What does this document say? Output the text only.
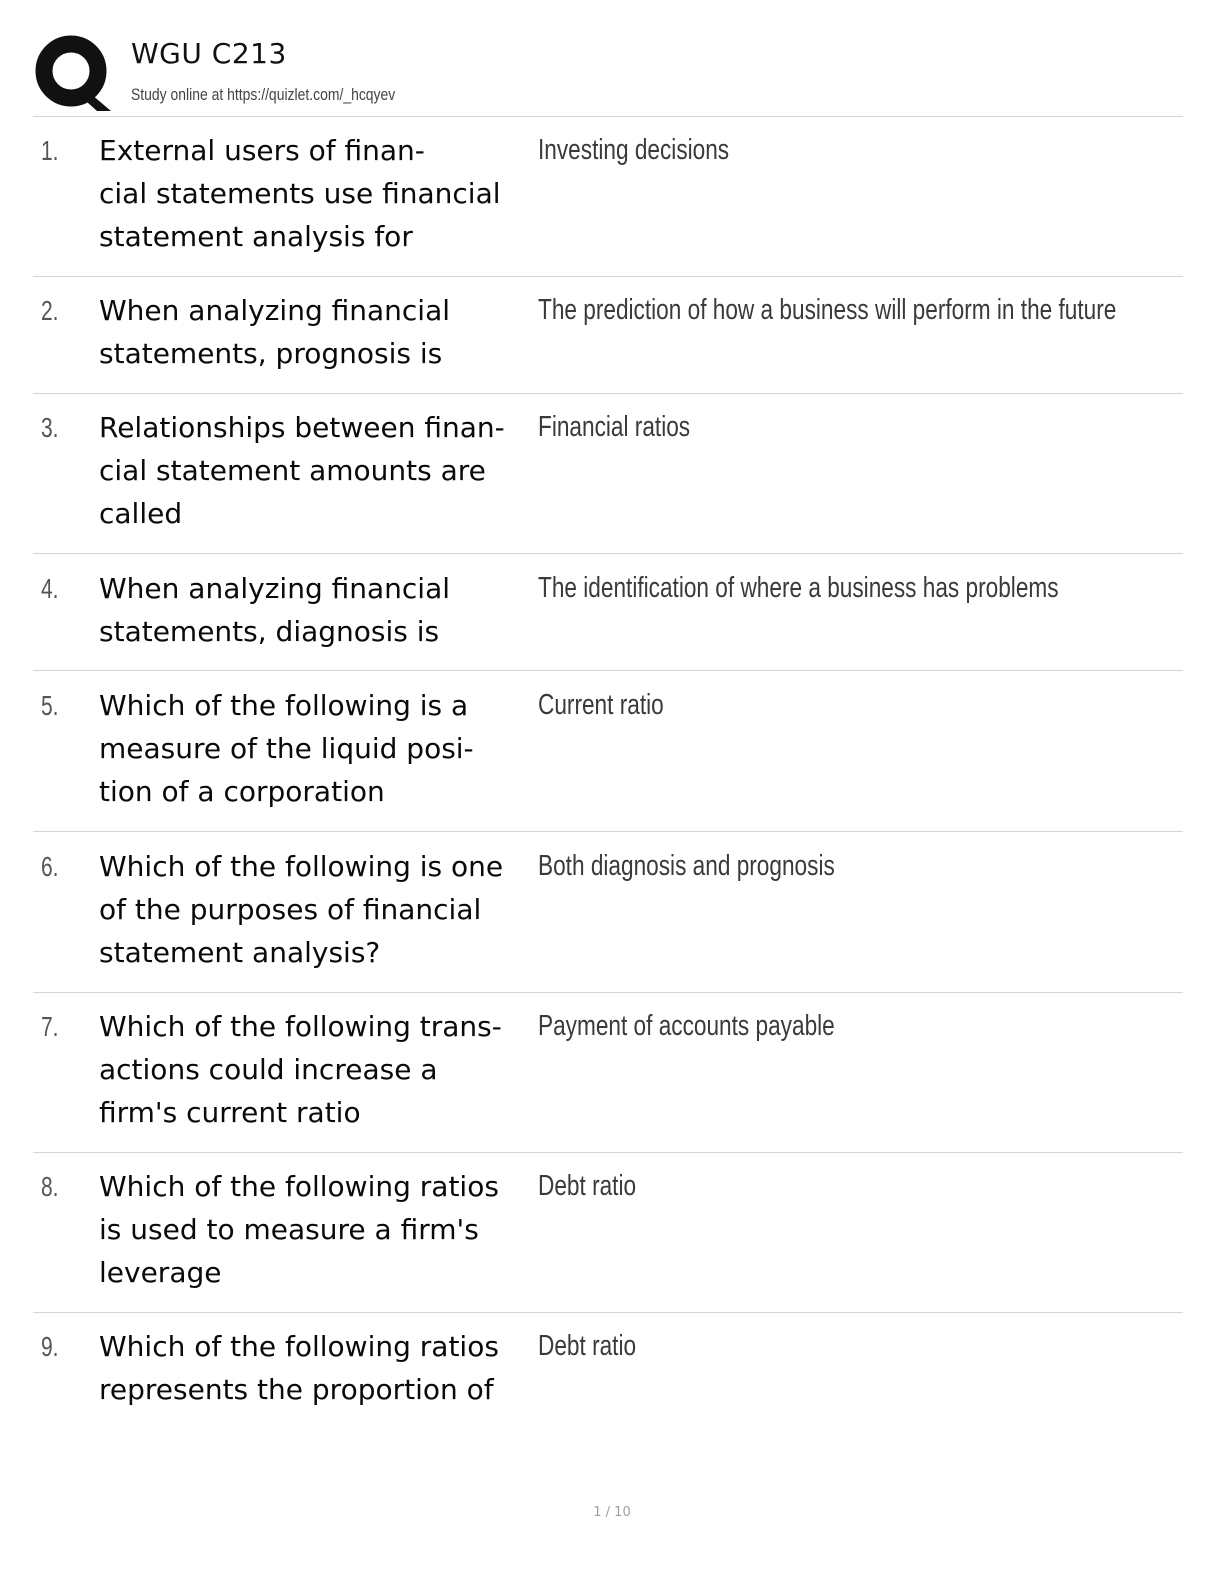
WGU C213
Study online at https://quizlet.com/_hcqyev
1. External users of finan-
cial statements use financial
statement analysis for
Investing decisions
2. When analyzing financial
statements, prognosis is
The prediction of how a business will perform in the future
3. Relationships between finan-
cial statement amounts are
called
Financial ratios
4. When analyzing financial
statements, diagnosis is
The identification of where a business has problems
5. Which of the following is a
measure of the liquid posi-
tion of a corporation
Current ratio
6. Which of the following is one
of the purposes of financial
statement analysis?
Both diagnosis and prognosis
7. Which of the following trans-
actions could increase a
firm's current ratio
Payment of accounts payable
8. Which of the following ratios
is used to measure a firm's
leverage
Debt ratio
9. Which of the following ratios
represents the proportion of
Debt ratio
1 / 10
